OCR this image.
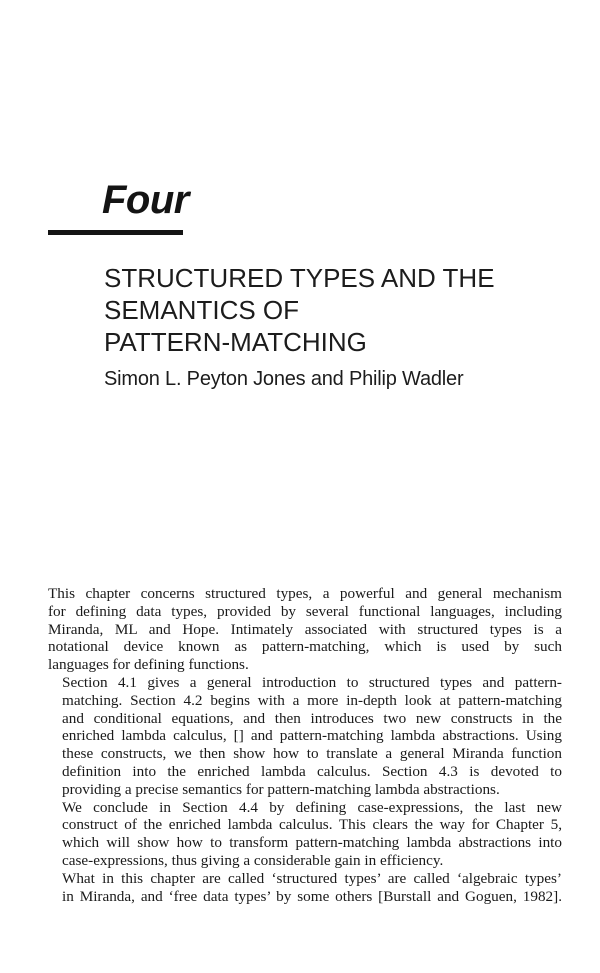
Four
STRUCTURED TYPES AND THE
SEMANTICS OF
PATTERN-MATCHING

Simon L. Peyton Jones and Philip Wadler

This chapter concerns structured types, a powerful and general mechanism
for defining data types, provided by several functional languages, including
Miranda, ML and Hope. Intimately associated with structured types is a
notational device known as pattern-matching, which is used by such
languages for defining functions.

Section 4.1 gives a general introduction to structured types and pattern-
matching. Section 4.2 begins with a more in-depth look at pattern-matching
and conditional equations, and then introduces two new constructs in the
enriched lambda calculus, [] and pattern-matching lambda abstractions. Using
these constructs, we then show how to translate a general Miranda function
definition into the enriched lambda calculus. Section 4.3 is devoted to
providing a precise semantics for pattern-matching lambda abstractions.

We conclude in Section 4.4 by defining case-expressions, the last new
construct of the enriched lambda calculus. This clears the way for Chapter 5,
which will show how to transform pattern-matching lambda abstractions into
case-expressions, thus giving a considerable gain in efficiency.

What in this chapter are called ‘structured types’ are called ‘algebraic types’
in Miranda, and ‘free data types’ by some others [Burstall and Goguen, 1982].
